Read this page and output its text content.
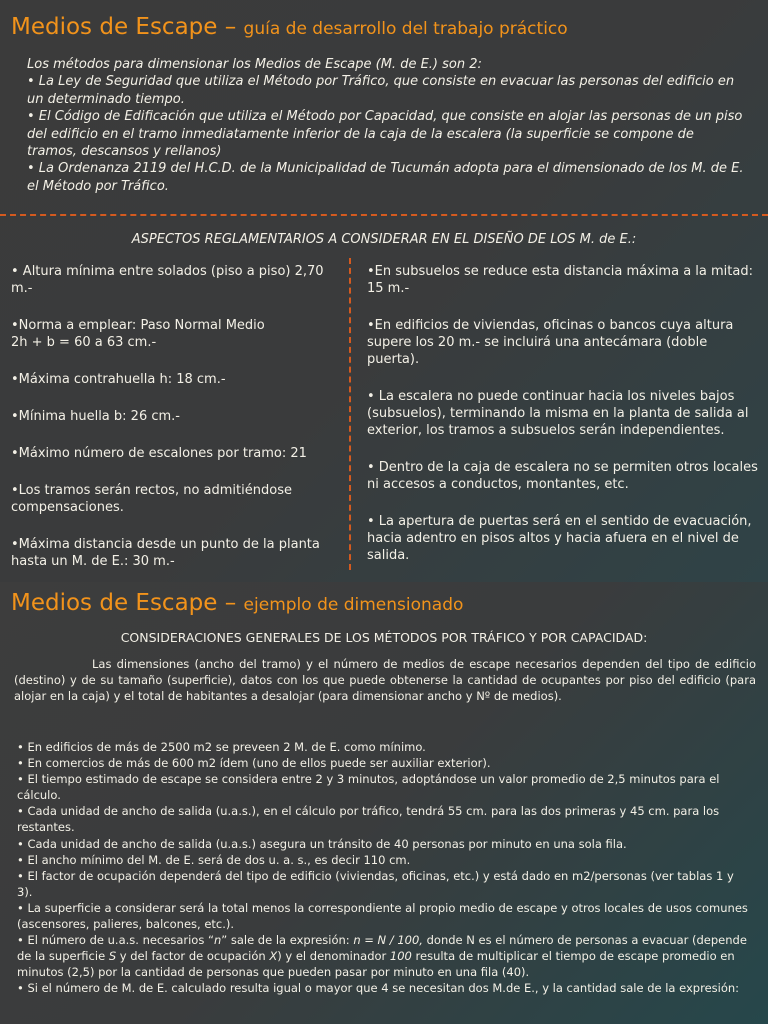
Medios de Escape – guía de desarrollo del trabajo práctico

Los métodos para dimensionar los Medios de Escape (M. de E.) son 2:

• La Ley de Seguridad que utiliza el Método por Tráfico, que consiste en evacuar las personas del edificio en un determinado tiempo.

• El Código de Edificación que utiliza el Método por Capacidad, que consiste en alojar las personas de un piso del edificio en el tramo inmediatamente inferior de la caja de la escalera (la superficie se compone de tramos, descansos y rellanos)

• La Ordenanza 2119 del H.C.D. de la Municipalidad de Tucumán adopta para el dimensionado de los M. de E. el Método por Tráfico.

ASPECTOS REGLAMENTARIOS A CONSIDERAR EN EL DISEÑO DE LOS M. de E.:

• Altura mínima entre solados (piso a piso) 2,70 m.-

•Norma a emplear: Paso Normal Medio

2h + b = 60 a 63 cm.-

•Máxima contrahuella h: 18 cm.-

•Mínima huella b: 26 cm.-

•Máximo número de escalones por tramo: 21

•Los tramos serán rectos, no admitiéndose compensaciones.

•Máxima distancia desde un punto de la planta hasta un M. de E.: 30 m.-

•En subsuelos se reduce esta distancia máxima a la mitad: 15 m.-

•En edificios de viviendas, oficinas o bancos cuya altura supere los 20 m.- se incluirá una antecámara (doble puerta).

• La escalera no puede continuar hacia los niveles bajos (subsuelos), terminando la misma en la planta de salida al exterior, los tramos a subsuelos serán independientes.

• Dentro de la caja de escalera no se permiten otros locales ni accesos a conductos, montantes, etc.

• La apertura de puertas será en el sentido de evacuación, hacia adentro en pisos altos y hacia afuera en el nivel de salida.

Medios de Escape – ejemplo de dimensionado
CONSIDERACIONES GENERALES DE LOS MÉTODOS POR TRÁFICO Y POR CAPACIDAD:
Las dimensiones (ancho del tramo) y el número de medios de escape necesarios dependen del tipo de edificio (destino) y de su tamaño (superficie), datos con los que puede obtenerse la cantidad de ocupantes por piso del edificio (para alojar en la caja) y el total de habitantes a desalojar (para dimensionar ancho y Nº de medios).
• En edificios de más de 2500 m2 se preveen 2 M. de E. como mínimo.
• En comercios de más de 600 m2 ídem (uno de ellos puede ser auxiliar exterior).
• El tiempo estimado de escape se considera entre 2 y 3 minutos, adoptándose un valor promedio de 2,5 minutos para el cálculo.
• Cada unidad de ancho de salida (u.a.s.), en el cálculo por tráfico, tendrá 55 cm. para las dos primeras y 45 cm. para los restantes.
• Cada unidad de ancho de salida (u.a.s.) asegura un tránsito de 40 personas por minuto en una sola fila.
• El ancho mínimo del M. de E. será de dos u. a. s., es decir 110 cm.
• El factor de ocupación dependerá del tipo de edificio (viviendas, oficinas, etc.) y está dado en m2/personas (ver tablas 1 y 3).
• La superficie a considerar será la total menos la correspondiente al propio medio de escape y otros locales de usos comunes (ascensores, palieres, balcones, etc.).
• El número de u.a.s. necesarios “n” sale de la expresión: n = N / 100, donde N es el número de personas a evacuar (depende de la superficie S y del factor de ocupación X) y el denominador 100 resulta de multiplicar el tiempo de escape promedio en minutos (2,5) por la cantidad de personas que pueden pasar por minuto en una fila (40).
• Si el número de M. de E. calculado resulta igual o mayor que 4 se necesitan dos M.de E., y la cantidad sale de la expresión:
